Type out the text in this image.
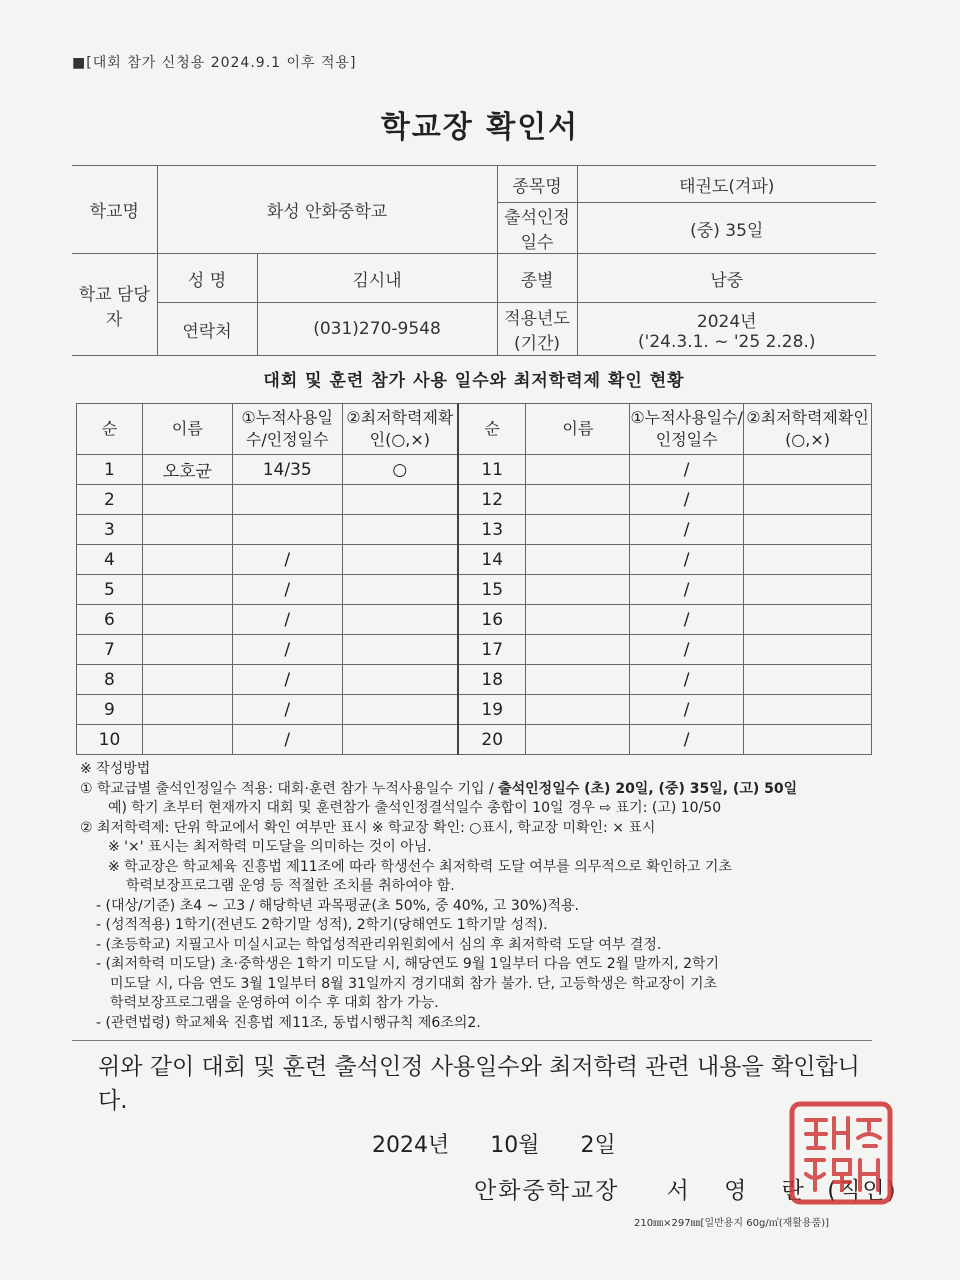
■[대회 참가 신청용 2024.9.1 이후 적용]
학교장 확인서
학교명	화성 안화중학교		종목명	태권도(겨파)
			출석인정 일수	(중) 35일
학교 담당자	성 명	김시내	종별	남중
	연락처	(031)270-9548	적용년도 (기간)	2024년
('24.3.1. ~ '25 2.28.)
대회 및 훈련 참가 사용 일수와 최저학력제 확인 현황
순	이름	①누적사용일수/인정일수	②최저학력제확인(○,×)	순	이름	①누적사용일수/인정일수	②최저학력제확인(○,×)
1	오호균	14/35	○	11		/	
2				12		/	
3				13		/	
4		/		14		/	
5		/		15		/	
6		/		16		/	
7		/		17		/	
8		/		18		/	
9		/		19		/	
10		/		20		/	

※ 작성방법

① 학교급별 출석인정일수 적용: 대회·훈련 참가 누적사용일수 기입 / 출석인정일수 (초) 20일, (중) 35일, (고) 50일

예) 학기 초부터 현재까지 대회 및 훈련참가 출석인정결석일수 총합이 10일 경우 ⇨ 표기: (고) 10/50

② 최저학력제: 단위 학교에서 확인 여부만 표시 ※ 학교장 확인: ○표시, 학교장 미확인: × 표시

※ '×' 표시는 최저학력 미도달을 의미하는 것이 아님.

※ 학교장은 학교체육 진흥법 제11조에 따라 학생선수 최저학력 도달 여부를 의무적으로 확인하고 기초

학력보장프로그램 운영 등 적절한 조치를 취하여야 함.

- (대상/기준) 초4 ~ 고3 / 해당학년 과목평균(초 50%, 중 40%, 고 30%)적용.

- (성적적용) 1학기(전년도 2학기말 성적), 2학기(당해연도 1학기말 성적).

- (초등학교) 지필고사 미실시교는 학업성적관리위원회에서 심의 후 최저학력 도달 여부 결정.

- (최저학력 미도달) 초·중학생은 1학기 미도달 시, 해당연도 9월 1일부터 다음 연도 2월 말까지, 2학기

미도달 시, 다음 연도 3월 1일부터 8월 31일까지 경기대회 참가 불가. 단, 고등학생은 학교장이 기초

학력보장프로그램을 운영하여 이수 후 대회 참가 가능.

- (관련법령) 학교체육 진흥법 제11조, 동법시행규칙 제6조의2.

위와 같이 대회 및 훈련 출석인정 사용일수와 최저학력 관련 내용을 확인합니다.
2024년 10월 2일
안화중학교장 서 영 란 (직인)
210㎜×297㎜[일반용지 60g/㎡(재활용품)]
